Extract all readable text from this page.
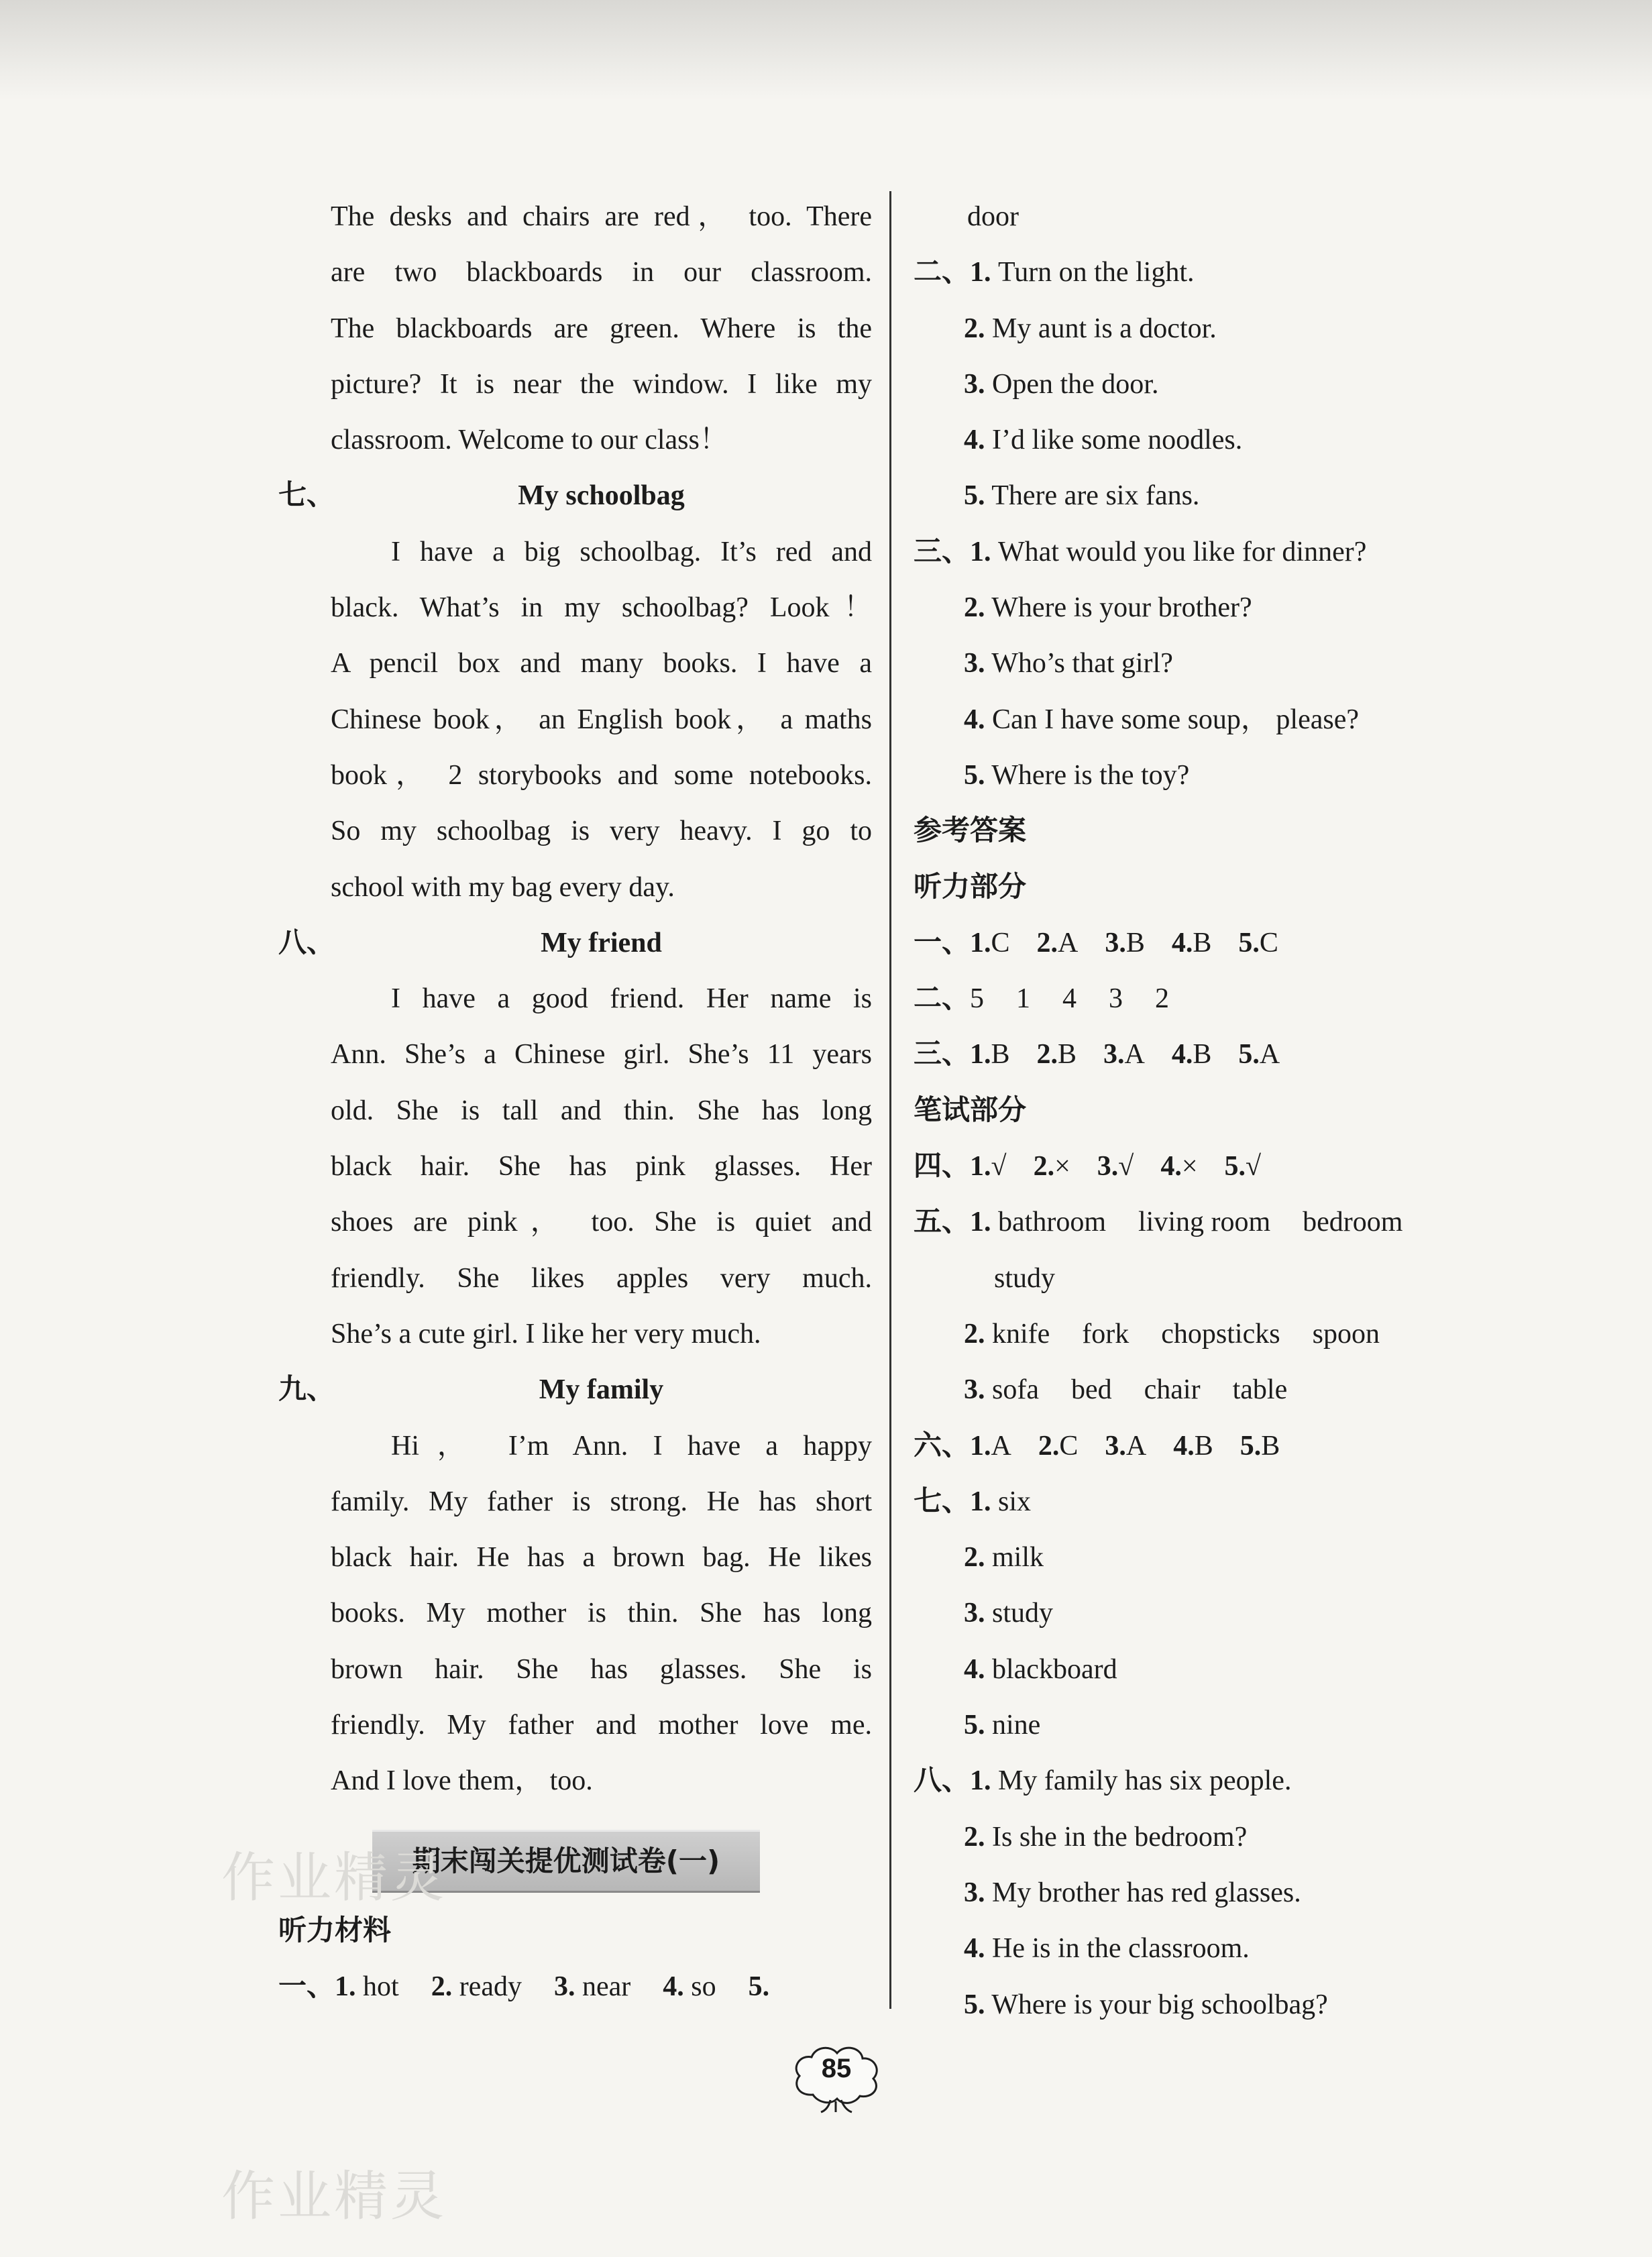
The desks and chairs are red， too. There
are two blackboards in our classroom.
The blackboards are green. Where is the
picture? It is near the window. I like my
classroom. Welcome to our class！
七、	My schoolbag
I have a big schoolbag. It’s red and
black. What’s in my schoolbag? Look！
A pencil box and many books. I have a
Chinese book， an English book， a maths
book， 2 storybooks and some notebooks.
So my schoolbag is very heavy. I go to
school with my bag every day.
八、	My friend
I have a good friend. Her name is
Ann. She’s a Chinese girl. She’s 11 years
old. She is tall and thin. She has long
black hair. She has pink glasses. Her
shoes are pink， too. She is quiet and
friendly. She likes apples very much.
She’s a cute girl. I like her very much.
九、	My family
Hi， I’m Ann. I have a happy
family. My father is strong. He has short
black hair. He has a brown bag. He likes
books. My mother is thin. She has long
brown hair. She has glasses. She is
friendly. My father and mother love me.
And I love them， too.
期末闯关提优测试卷(一)
听力材料
一、1. hot 2. ready 3. near 4. so 5.
door
二、1. Turn on the light.
2. My aunt is a doctor.
3. Open the door.
4. I’d like some noodles.
5. There are six fans.
三、1. What would you like for dinner?
2. Where is your brother?
3. Who’s that girl?
4. Can I have some soup， please?
5. Where is the toy?
参考答案
听力部分
一、1.C 2.A 3.B 4.B 5.C
二、5 1 4 3 2
三、1.B 2.B 3.A 4.B 5.A
笔试部分
四、1.√ 2.× 3.√ 4.× 5.√
五、1. bathroom living room bedroom
study
2. knife fork chopsticks spoon
3. sofa bed chair table
六、1.A 2.C 3.A 4.B 5.B
七、1. six
2. milk
3. study
4. blackboard
5. nine
八、1. My family has six people.
2. Is she in the bedroom?
3. My brother has red glasses.
4. He is in the classroom.
5. Where is your big schoolbag?
作业精灵
作业精灵
85
